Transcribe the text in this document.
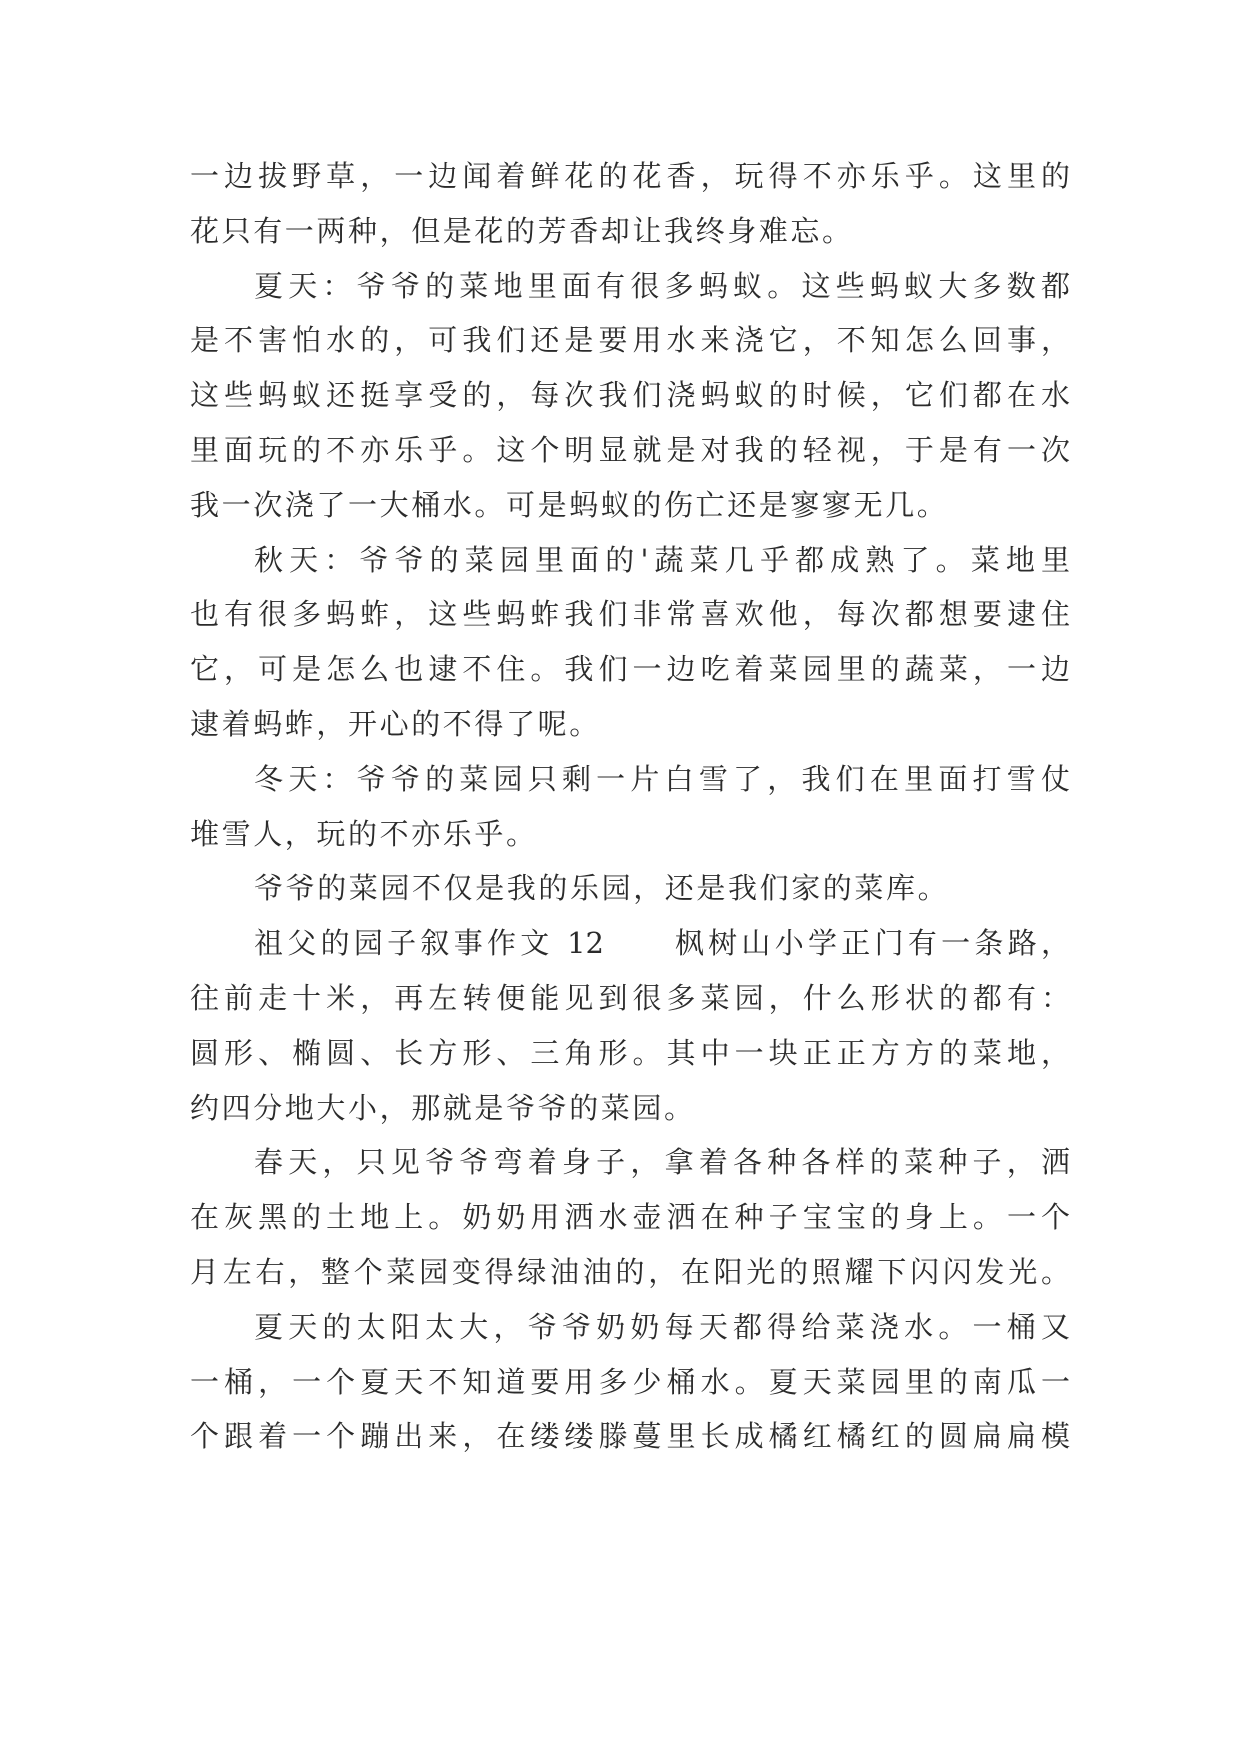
一边拔野草，一边闻着鲜花的花香，玩得不亦乐乎。这里的
花只有一两种，但是花的芳香却让我终身难忘。
夏天：爷爷的菜地里面有很多蚂蚁。这些蚂蚁大多数都
是不害怕水的，可我们还是要用水来浇它，不知怎么回事，
这些蚂蚁还挺享受的，每次我们浇蚂蚁的时候，它们都在水
里面玩的不亦乐乎。这个明显就是对我的轻视，于是有一次
我一次浇了一大桶水。可是蚂蚁的伤亡还是寥寥无几。
秋天：爷爷的菜园里面的'蔬菜几乎都成熟了。菜地里
也有很多蚂蚱，这些蚂蚱我们非常喜欢他，每次都想要逮住
它，可是怎么也逮不住。我们一边吃着菜园里的蔬菜，一边
逮着蚂蚱，开心的不得了呢。
冬天：爷爷的菜园只剩一片白雪了，我们在里面打雪仗
堆雪人，玩的不亦乐乎。
爷爷的菜园不仅是我的乐园，还是我们家的菜库。
祖父的园子叙事作文 12　　枫树山小学正门有一条路，
往前走十米，再左转便能见到很多菜园，什么形状的都有：
圆形、椭圆、长方形、三角形。其中一块正正方方的菜地，
约四分地大小，那就是爷爷的菜园。
春天，只见爷爷弯着身子，拿着各种各样的菜种子，洒
在灰黑的土地上。奶奶用洒水壶洒在种子宝宝的身上。一个
月左右，整个菜园变得绿油油的，在阳光的照耀下闪闪发光。
夏天的太阳太大，爷爷奶奶每天都得给菜浇水。一桶又
一桶，一个夏天不知道要用多少桶水。夏天菜园里的南瓜一
个跟着一个蹦出来，在缕缕滕蔓里长成橘红橘红的圆扁扁模
